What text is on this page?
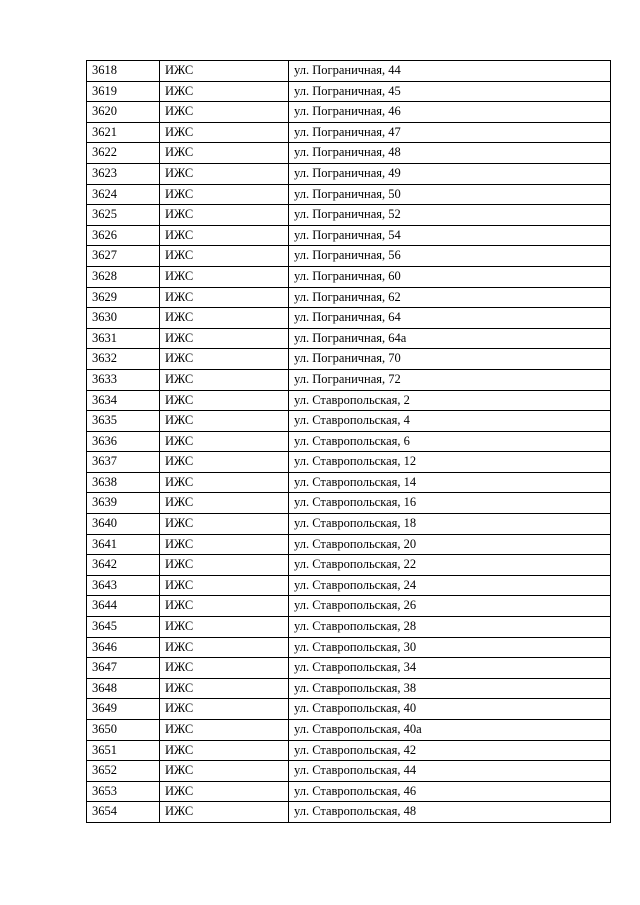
3618	ИЖС	ул. Пограничная, 44
3619	ИЖС	ул. Пограничная, 45
3620	ИЖС	ул. Пограничная, 46
3621	ИЖС	ул. Пограничная, 47
3622	ИЖС	ул. Пограничная, 48
3623	ИЖС	ул. Пограничная, 49
3624	ИЖС	ул. Пограничная, 50
3625	ИЖС	ул. Пограничная, 52
3626	ИЖС	ул. Пограничная, 54
3627	ИЖС	ул. Пограничная, 56
3628	ИЖС	ул. Пограничная, 60
3629	ИЖС	ул. Пограничная, 62
3630	ИЖС	ул. Пограничная, 64
3631	ИЖС	ул. Пограничная, 64а
3632	ИЖС	ул. Пограничная, 70
3633	ИЖС	ул. Пограничная, 72
3634	ИЖС	ул. Ставропольская, 2
3635	ИЖС	ул. Ставропольская, 4
3636	ИЖС	ул. Ставропольская, 6
3637	ИЖС	ул. Ставропольская, 12
3638	ИЖС	ул. Ставропольская, 14
3639	ИЖС	ул. Ставропольская, 16
3640	ИЖС	ул. Ставропольская, 18
3641	ИЖС	ул. Ставропольская, 20
3642	ИЖС	ул. Ставропольская, 22
3643	ИЖС	ул. Ставропольская, 24
3644	ИЖС	ул. Ставропольская, 26
3645	ИЖС	ул. Ставропольская, 28
3646	ИЖС	ул. Ставропольская, 30
3647	ИЖС	ул. Ставропольская, 34
3648	ИЖС	ул. Ставропольская, 38
3649	ИЖС	ул. Ставропольская, 40
3650	ИЖС	ул. Ставропольская, 40а
3651	ИЖС	ул. Ставропольская, 42
3652	ИЖС	ул. Ставропольская, 44
3653	ИЖС	ул. Ставропольская, 46
3654	ИЖС	ул. Ставропольская, 48
